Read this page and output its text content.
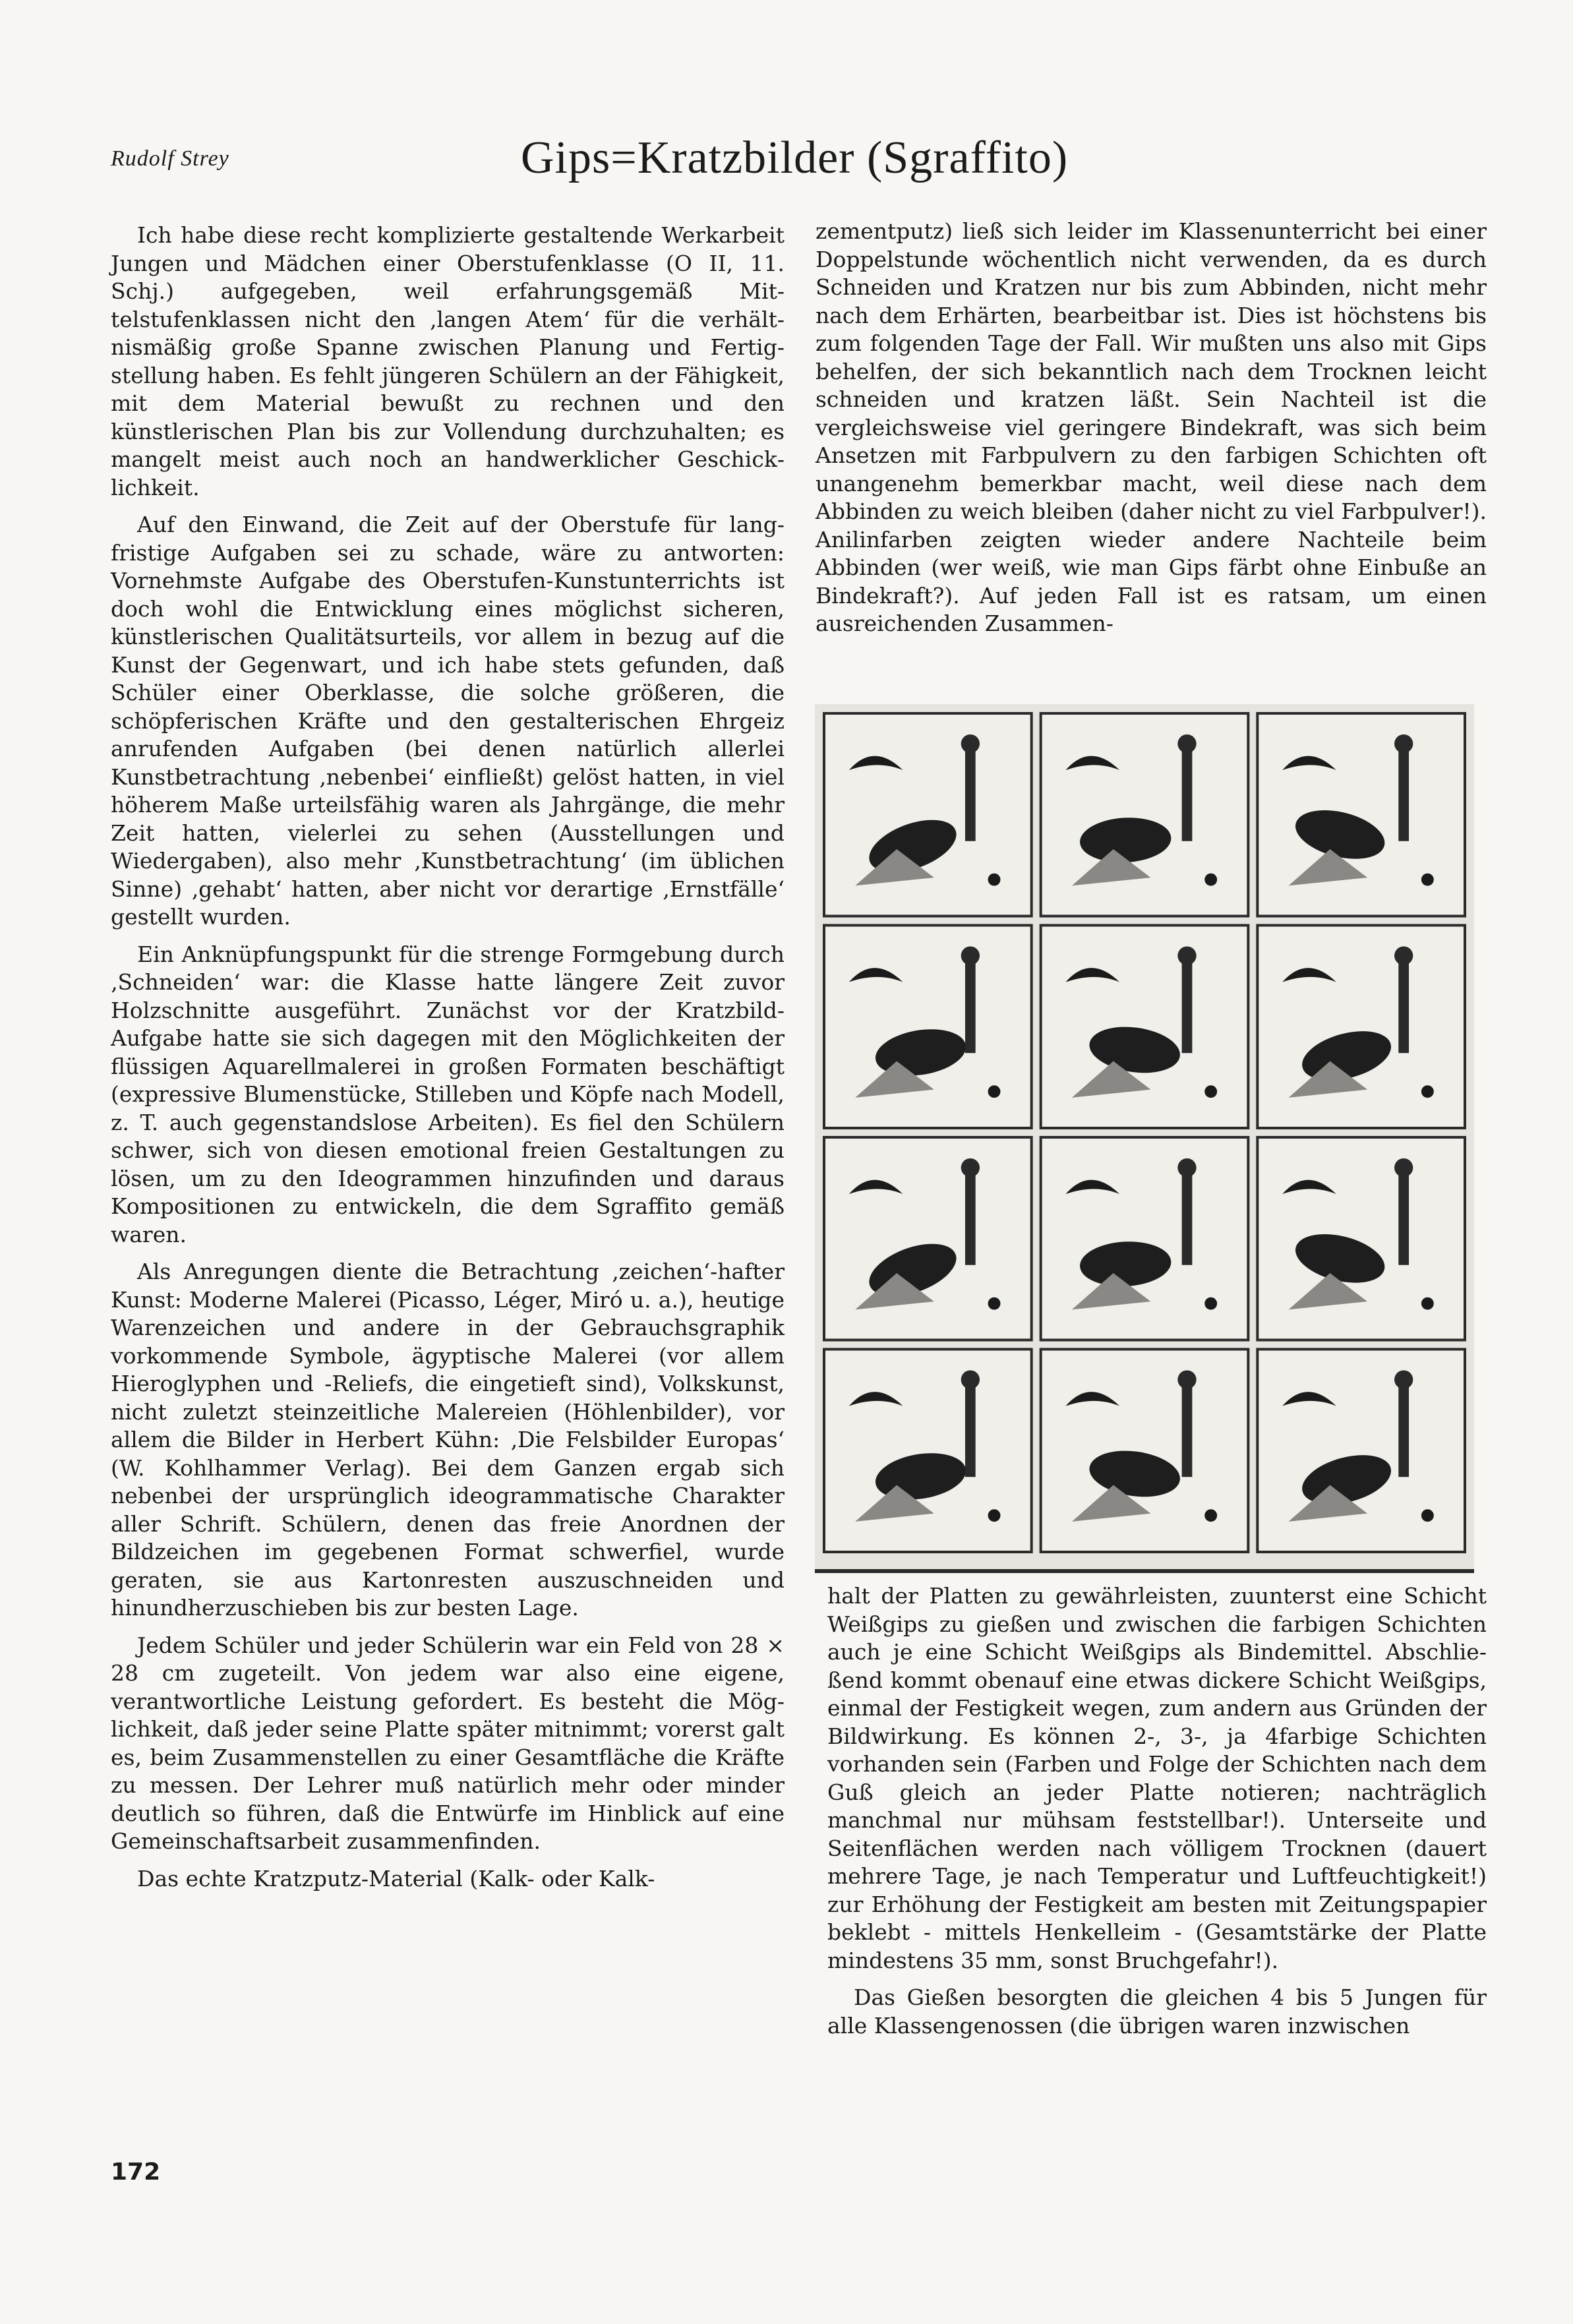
Rudolf Strey	Gips=Kratzbilder (Sgraffito)

Ich habe diese recht komplizierte gestaltende Werkarbeit Jungen und Mädchen einer Oberstufenklasse (O II, 11. Schj.) aufgegeben, weil erfahrungsgemäß Mittelstufenklassen nicht den ‚langen Atem‘ für die verhältnismäßig große Spanne zwischen Planung und Fertigstellung haben. Es fehlt jüngeren Schülern an der Fähigkeit, mit dem Material bewußt zu rechnen und den künstlerischen Plan bis zur Vollendung durchzuhalten; es mangelt meist auch noch an handwerklicher Geschicklichkeit.

Auf den Einwand, die Zeit auf der Oberstufe für langfristige Aufgaben sei zu schade, wäre zu antworten: Vornehmste Aufgabe des Oberstufen-Kunstunterrichts ist doch wohl die Entwicklung eines möglichst sicheren, künstlerischen Qualitätsurteils, vor allem in bezug auf die Kunst der Gegenwart, und ich habe stets gefunden, daß Schüler einer Oberklasse, die solche größeren, die schöpferischen Kräfte und den gestalterischen Ehrgeiz anrufenden Aufgaben (bei denen natürlich allerlei Kunstbetrachtung ‚nebenbei‘ einfließt) gelöst hatten, in viel höherem Maße urteilsfähig waren als Jahrgänge, die mehr Zeit hatten, vielerlei zu sehen (Ausstellungen und Wiedergaben), also mehr ‚Kunstbetrachtung‘ (im üblichen Sinne) ‚gehabt‘ hatten, aber nicht vor derartige ‚Ernstfälle‘ gestellt wurden.

Ein Anknüpfungspunkt für die strenge Formgebung durch ‚Schneiden‘ war: die Klasse hatte längere Zeit zuvor Holzschnitte ausgeführt. Zunächst vor der Kratzbild-Aufgabe hatte sie sich dagegen mit den Möglichkeiten der flüssigen Aquarellmalerei in großen Formaten beschäftigt (expressive Blumenstücke, Stilleben und Köpfe nach Modell, z. T. auch gegenstandslose Arbeiten). Es fiel den Schülern schwer, sich von diesen emotional freien Gestaltungen zu lösen, um zu den Ideogrammen hinzufinden und daraus Kompositionen zu entwickeln, die dem Sgraffito gemäß waren.

Als Anregungen diente die Betrachtung ‚zeichen‘-hafter Kunst: Moderne Malerei (Picasso, Léger, Miró u. a.), heutige Warenzeichen und andere in der Gebrauchsgraphik vorkommende Symbole, ägyptische Malerei (vor allem Hieroglyphen und -Reliefs, die eingetieft sind), Volkskunst, nicht zuletzt steinzeitliche Malereien (Höhlenbilder), vor allem die Bilder in Herbert Kühn: ‚Die Felsbilder Europas‘ (W. Kohlhammer Verlag). Bei dem Ganzen ergab sich nebenbei der ursprünglich ideogrammatische Charakter aller Schrift. Schülern, denen das freie Anordnen der Bildzeichen im gegebenen Format schwerfiel, wurde geraten, sie aus Kartonresten auszuschneiden und hinundherzuschieben bis zur besten Lage.

Jedem Schüler und jeder Schülerin war ein Feld von 28 × 28 cm zugeteilt. Von jedem war also eine eigene, verantwortliche Leistung gefordert. Es besteht die Möglichkeit, daß jeder seine Platte später mitnimmt; vorerst galt es, beim Zusammenstellen zu einer Gesamtfläche die Kräfte zu messen. Der Lehrer muß natürlich mehr oder minder deutlich so führen, daß die Entwürfe im Hinblick auf eine Gemeinschaftsarbeit zusammenfinden.

Das echte Kratzputz-Material (Kalk- oder Kalk-

zementputz) ließ sich leider im Klassenunterricht bei einer Doppelstunde wöchentlich nicht verwenden, da es durch Schneiden und Kratzen nur bis zum Abbinden, nicht mehr nach dem Erhärten, bearbeitbar ist. Dies ist höchstens bis zum folgenden Tage der Fall. Wir mußten uns also mit Gips behelfen, der sich bekanntlich nach dem Trocknen leicht schneiden und kratzen läßt. Sein Nachteil ist die vergleichsweise viel geringere Bindekraft, was sich beim Ansetzen mit Farbpulvern zu den farbigen Schichten oft unangenehm bemerkbar macht, weil diese nach dem Abbinden zu weich bleiben (daher nicht zu viel Farbpulver!). Anilinfarben zeigten wieder andere Nachteile beim Abbinden (wer weiß, wie man Gips färbt ohne Einbuße an Bindekraft?). Auf jeden Fall ist es ratsam, um einen ausreichenden Zusammen-

halt der Platten zu gewährleisten, zuunterst eine Schicht Weißgips zu gießen und zwischen die farbigen Schichten auch je eine Schicht Weißgips als Bindemittel. Abschließend kommt obenauf eine etwas dickere Schicht Weißgips, einmal der Festigkeit wegen, zum andern aus Gründen der Bildwirkung. Es können 2-, 3-, ja 4farbige Schichten vorhanden sein (Farben und Folge der Schichten nach dem Guß gleich an jeder Platte notieren; nachträglich manchmal nur mühsam feststellbar!). Unterseite und Seitenflächen werden nach völligem Trocknen (dauert mehrere Tage, je nach Temperatur und Luftfeuchtigkeit!) zur Erhöhung der Festigkeit am besten mit Zeitungspapier beklebt - mittels Henkelleim - (Gesamtstärke der Platte mindestens 35 mm, sonst Bruchgefahr!).

Das Gießen besorgten die gleichen 4 bis 5 Jungen für alle Klassengenossen (die übrigen waren inzwischen

172
